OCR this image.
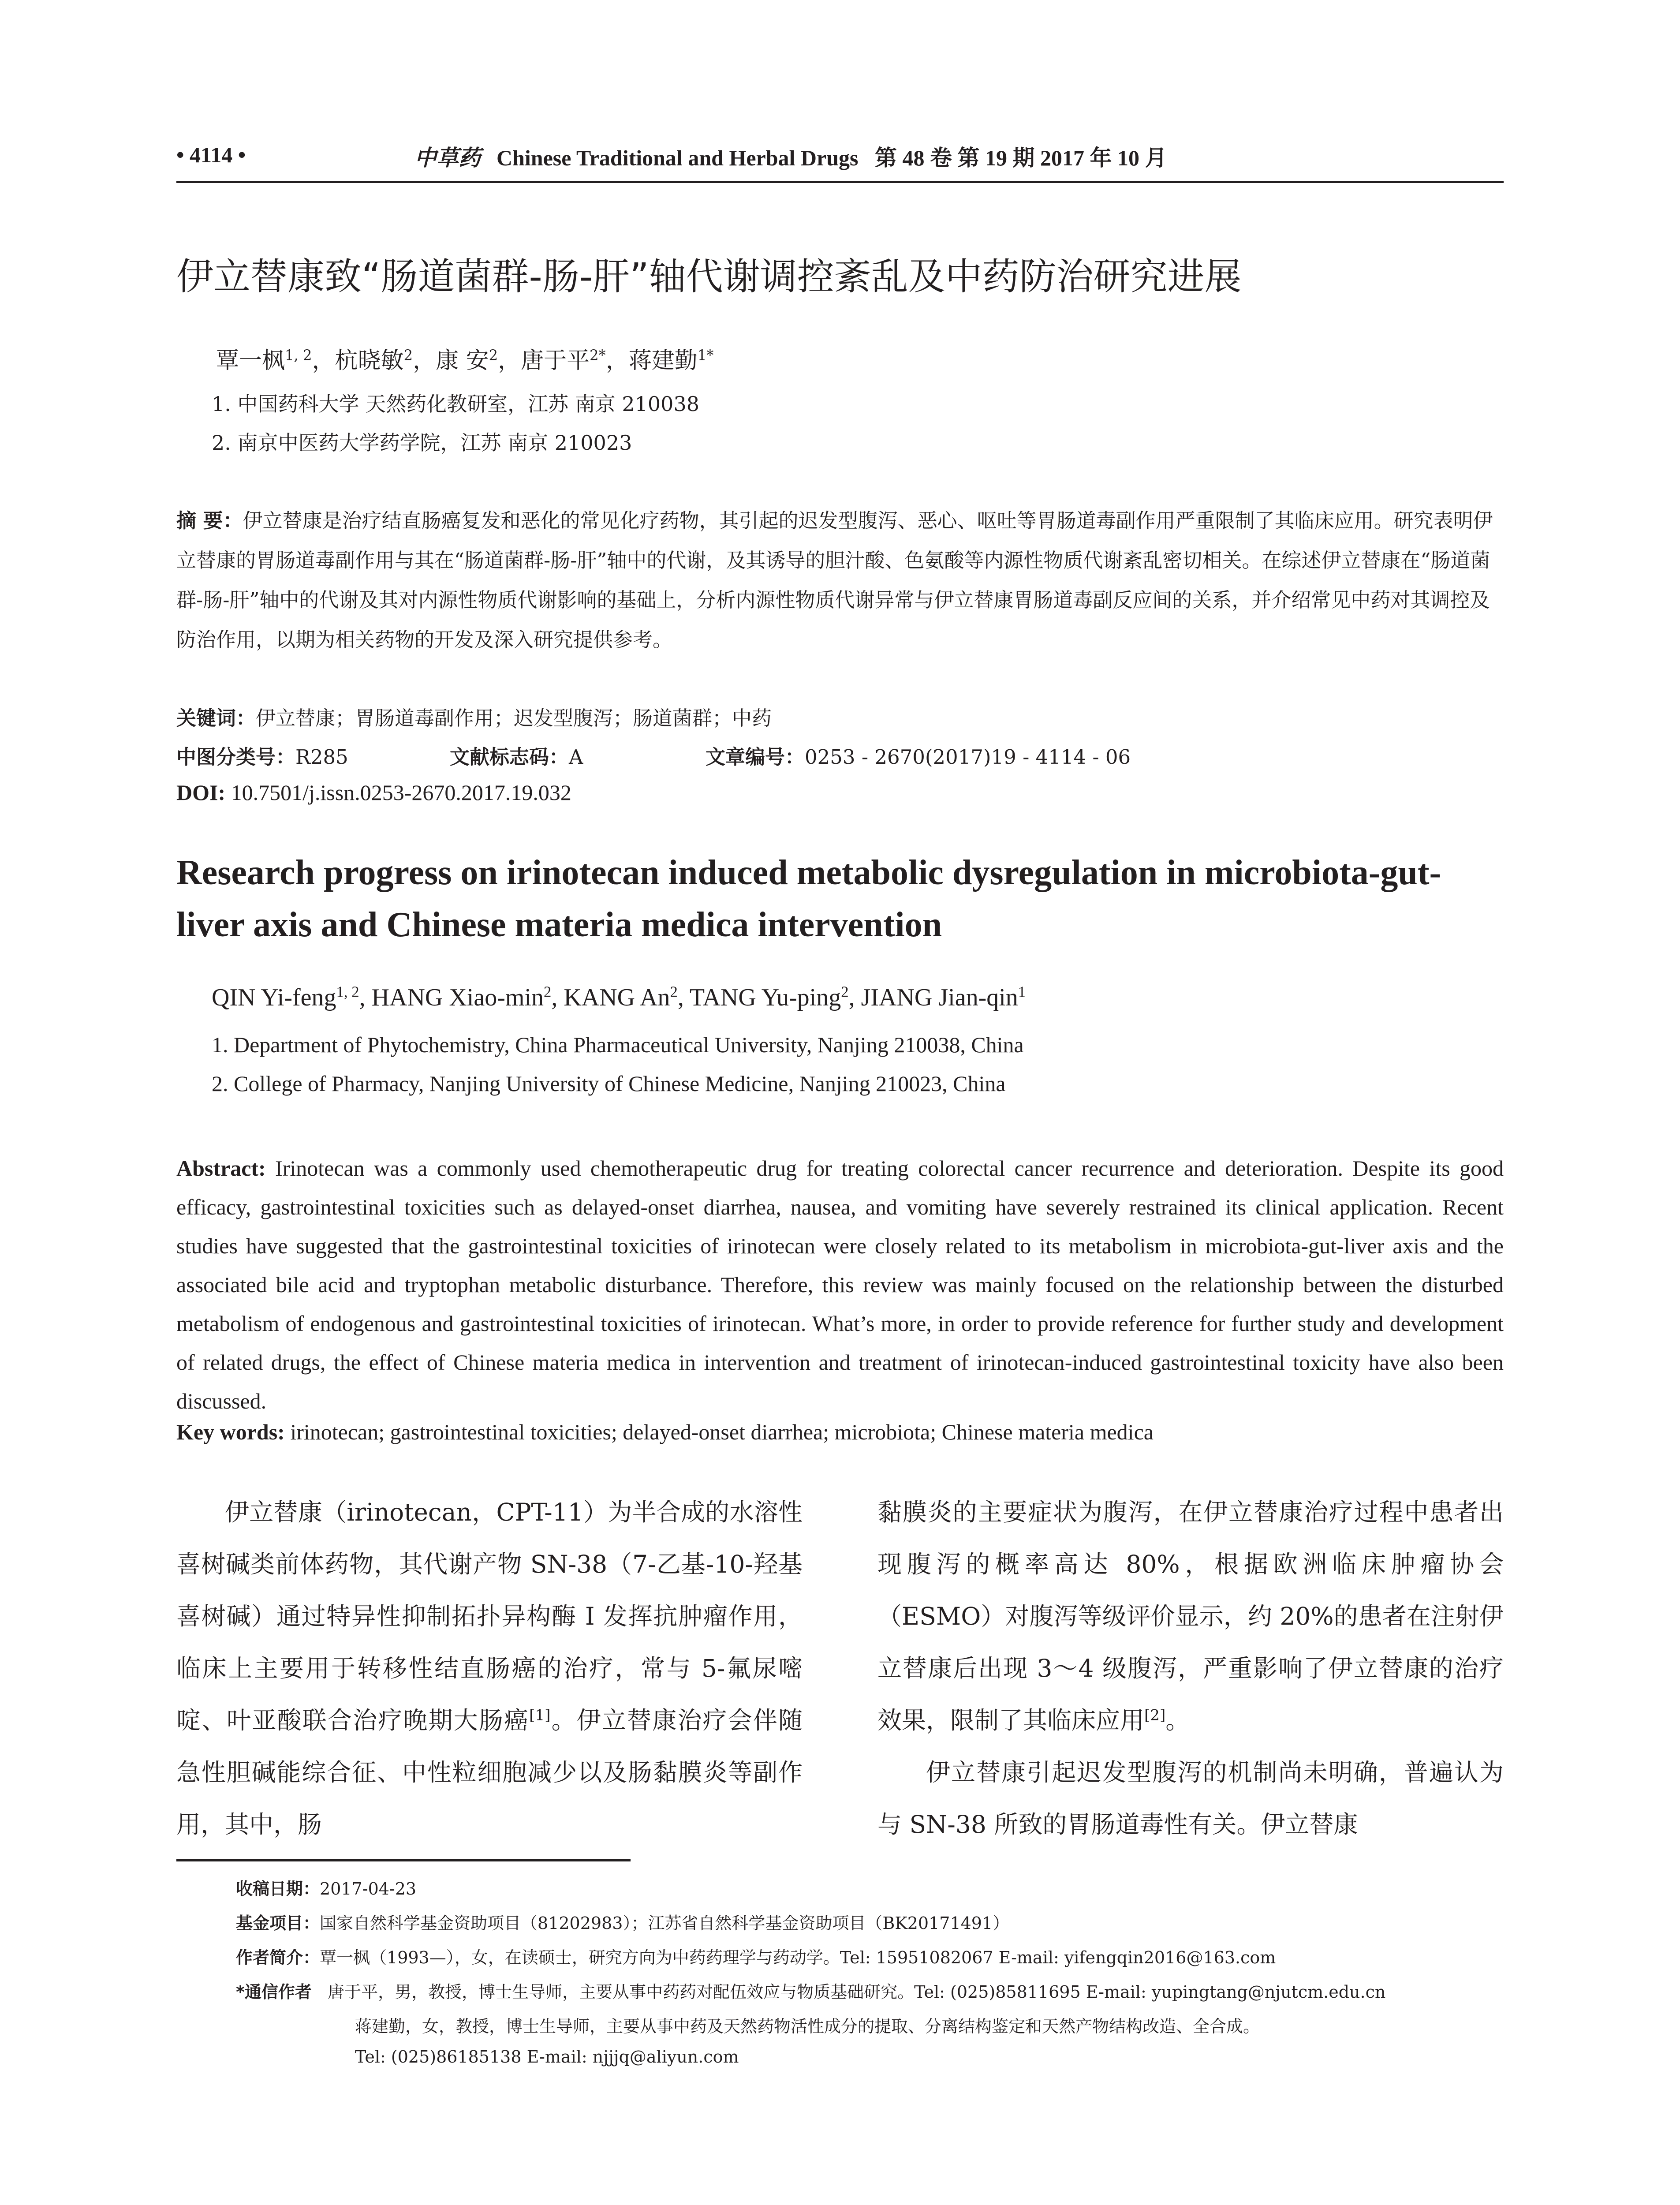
• 4114 •	中草药 Chinese Traditional and Herbal Drugs 第 48 卷 第 19 期 2017 年 10 月
伊立替康致“肠道菌群-肠-肝”轴代谢调控紊乱及中药防治研究进展
覃一枫$^{1, 2}$，杭晓敏$^2$，康 安$^2$，唐于平$^{2*}$，蒋建勤$^{1*}$
1. 中国药科大学 天然药化教研室，江苏 南京 210038
2. 南京中医药大学药学院，江苏 南京 210023
摘 要：伊立替康是治疗结直肠癌复发和恶化的常见化疗药物，其引起的迟发型腹泻、恶心、呕吐等胃肠道毒副作用严重限制了其临床应用。研究表明伊立替康的胃肠道毒副作用与其在“肠道菌群-肠-肝”轴中的代谢，及其诱导的胆汁酸、色氨酸等内源性物质代谢紊乱密切相关。在综述伊立替康在“肠道菌群-肠-肝”轴中的代谢及其对内源性物质代谢影响的基础上，分析内源性物质代谢异常与伊立替康胃肠道毒副反应间的关系，并介绍常见中药对其调控及防治作用，以期为相关药物的开发及深入研究提供参考。
关键词：伊立替康；胃肠道毒副作用；迟发型腹泻；肠道菌群；中药
中图分类号：R285	文献标志码：A	文章编号：0253 - 2670(2017)19 - 4114 - 06
DOI: 10.7501/j.issn.0253-2670.2017.19.032
Research progress on irinotecan induced metabolic dysregulation in microbiota-gut-liver axis and Chinese materia medica intervention
QIN Yi-feng$^{1, 2}$, HANG Xiao-$\min^2$, KANG An$^2$, TANG Yu-ping$^2$, JIANG Jian-qin$^1$
1. Department of Phytochemistry, China Pharmaceutical University, Nanjing 210038, China
2. College of Pharmacy, Nanjing University of Chinese Medicine, Nanjing 210023, China
Abstract: Irinotecan was a commonly used chemotherapeutic drug for treating colorectal cancer recurrence and deterioration. Despite its good efficacy, gastrointestinal toxicities such as delayed-onset diarrhea, nausea, and vomiting have severely restrained its clinical application. Recent studies have suggested that the gastrointestinal toxicities of irinotecan were closely related to its metabolism in microbiota-gut-liver axis and the associated bile acid and tryptophan metabolic disturbance. Therefore, this review was mainly focused on the relationship between the disturbed metabolism of endogenous and gastrointestinal toxicities of irinotecan. What’s more, in order to provide reference for further study and development of related drugs, the effect of Chinese materia medica in intervention and treatment of irinotecan-induced gastrointestinal toxicity have also been discussed.
Key words: irinotecan; gastrointestinal toxicities; delayed-onset diarrhea; microbiota; Chinese materia medica

伊立替康（irinotecan，CPT-11）为半合成的水溶性喜树碱类前体药物，其代谢产物 SN-38（7-乙基-10-羟基喜树碱）通过特异性抑制拓扑异构酶 I 发挥抗肿瘤作用，临床上主要用于转移性结直肠癌的治疗，常与 5-氟尿嘧啶、叶亚酸联合治疗晚期大肠癌[1]。伊立替康治疗会伴随急性胆碱能综合征、中性粒细胞减少以及肠黏膜炎等副作用，其中，肠

黏膜炎的主要症状为腹泻，在伊立替康治疗过程中患者出现腹泻的概率高达 80%，根据欧洲临床肿瘤协会（ESMO）对腹泻等级评价显示，约 20%的患者在注射伊立替康后出现 3～4 级腹泻，严重影响了伊立替康的治疗效果，限制了其临床应用[2]。

伊立替康引起迟发型腹泻的机制尚未明确，普遍认为与 SN-38 所致的胃肠道毒性有关。伊立替康

收稿日期：2017-04-23
基金项目：国家自然科学基金资助项目（81202983）；江苏省自然科学基金资助项目（BK20171491）
作者简介：覃一枫（1993—），女，在读硕士，研究方向为中药药理学与药动学。Tel: 15951082067 E-mail: yifengqin2016@163.com
*通信作者 唐于平，男，教授，博士生导师，主要从事中药药对配伍效应与物质基础研究。Tel: (025)85811695 E-mail: yupingtang@njutcm.edu.cn
蒋建勤，女，教授，博士生导师，主要从事中药及天然药物活性成分的提取、分离结构鉴定和天然产物结构改造、全合成。
Tel: (025)86185138 E-mail: njjjq@aliyun.com
